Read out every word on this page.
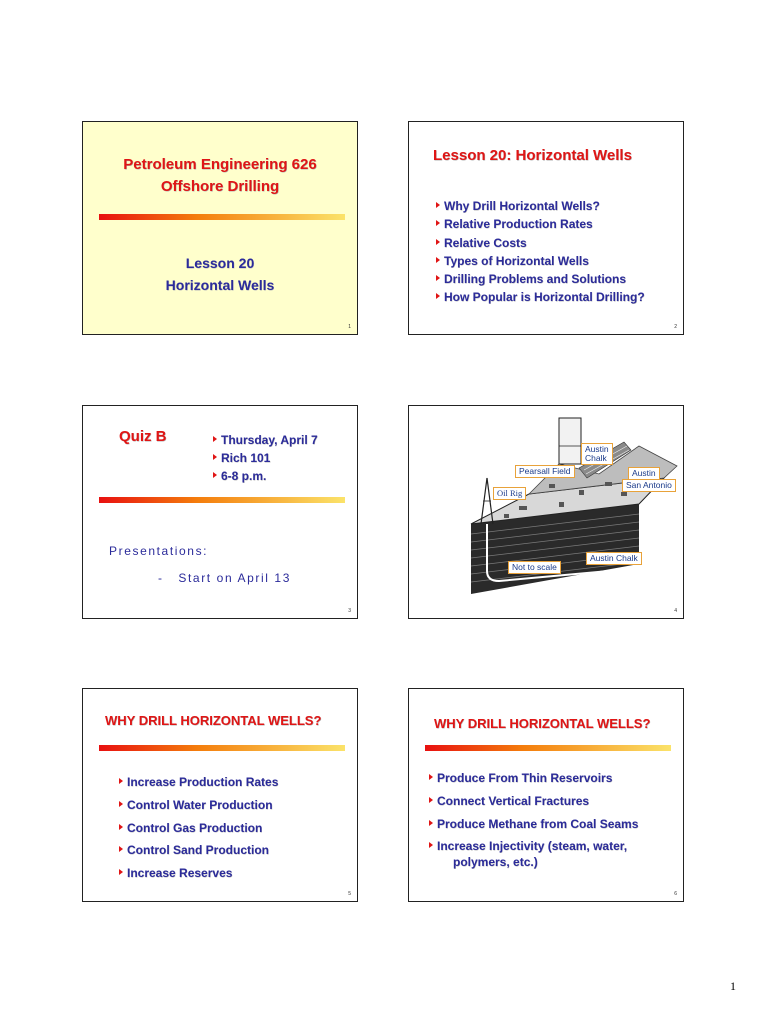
Petroleum Engineering 626
Offshore Drilling
Lesson 20
Horizontal Wells
1
Lesson 20: Horizontal Wells
Why Drill Horizontal Wells?
Relative Production Rates
Relative Costs
Types of Horizontal Wells
Drilling Problems and Solutions
How Popular is Horizontal Drilling?
2
Quiz B	Thursday, April 7
Rich 101
6-8 p.m.
Presentations:
-   Start on April 13
3
Austin
Chalk
Pearsall Field	Austin
San Antonio
Oil Rig
Austin Chalk
Not to scale
4
WHY DRILL HORIZONTAL WELLS?
Increase Production Rates
Control Water Production
Control Gas Production
Control Sand Production
Increase Reserves
5
WHY DRILL HORIZONTAL WELLS?
Produce From Thin Reservoirs
Connect Vertical Fractures
Produce Methane from Coal Seams
Increase Injectivity (steam, water,
polymers, etc.)
6
1
